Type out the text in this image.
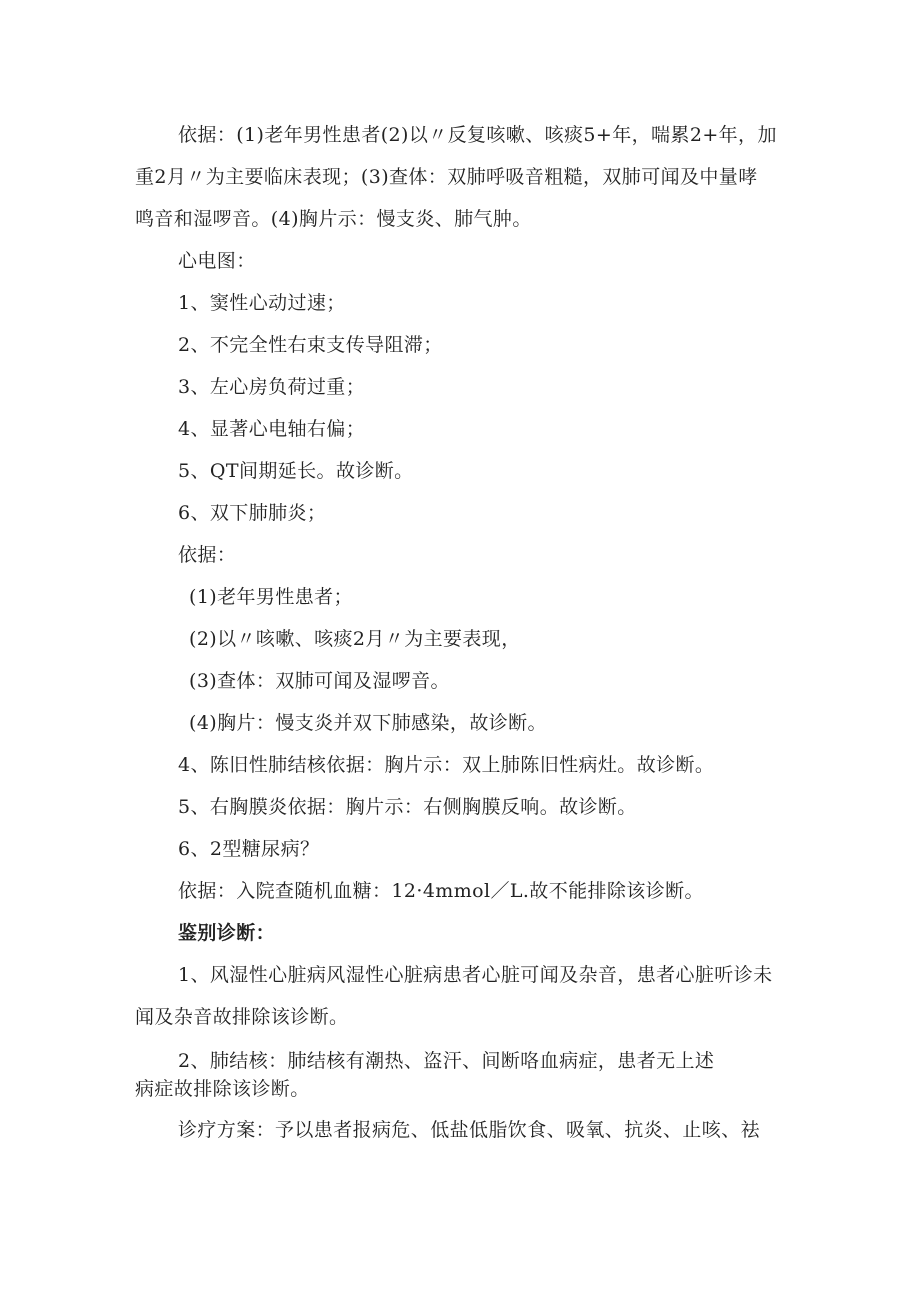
依据：(1)老年男性患者(2)以〃反复咳嗽、咳痰5+年，喘累2+年，加
重2月〃为主要临床表现；(3)查体：双肺呼吸音粗糙，双肺可闻及中量哮
鸣音和湿啰音。(4)胸片示：慢支炎、肺气肿。
心电图：
1、窦性心动过速；
2、不完全性右束支传导阻滞；
3、左心房负荷过重；
4、显著心电轴右偏；
5、QT间期延长。故诊断。
6、双下肺肺炎；
依据：
(1)老年男性患者；
(2)以〃咳嗽、咳痰2月〃为主要表现，
(3)查体：双肺可闻及湿啰音。
(4)胸片：慢支炎并双下肺感染，故诊断。
4、陈旧性肺结核依据：胸片示：双上肺陈旧性病灶。故诊断。
5、右胸膜炎依据：胸片示：右侧胸膜反响。故诊断。
6、2型糖尿病？
依据：入院查随机血糖：12·4mmol／L.故不能排除该诊断。
鉴别诊断：
1、风湿性心脏病风湿性心脏病患者心脏可闻及杂音，患者心脏听诊未
闻及杂音故排除该诊断。
2、肺结核：肺结核有潮热、盗汗、间断咯血病症，患者无上述
病症故排除该诊断。
诊疗方案：予以患者报病危、低盐低脂饮食、吸氧、抗炎、止咳、祛
